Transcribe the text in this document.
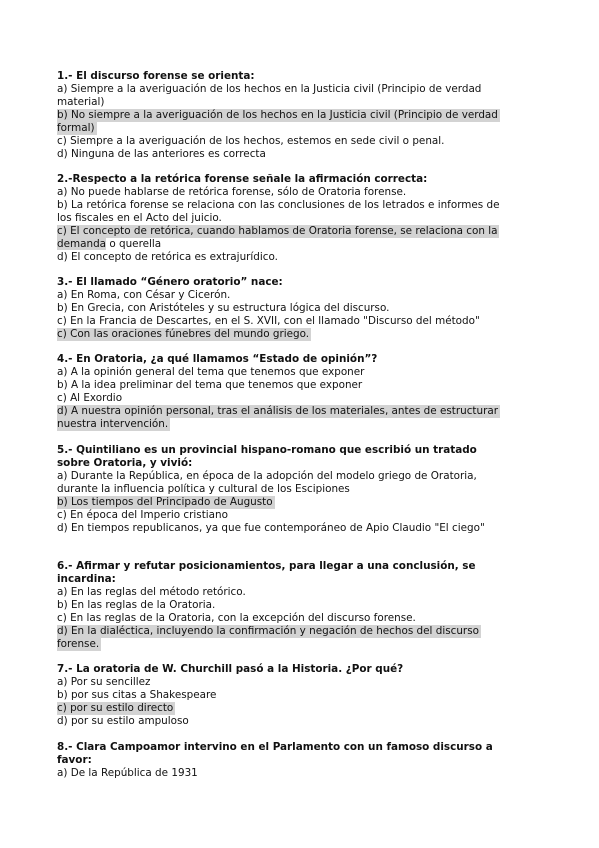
1.- El discurso forense se orienta:

a) Siempre a la averiguación de los hechos en la Justicia civil (Principio de verdad

material)

b) No siempre a la averiguación de los hechos en la Justicia civil (Principio de verdad

formal)

c) Siempre a la averiguación de los hechos, estemos en sede civil o penal.

d) Ninguna de las anteriores es correcta

2.-Respecto a la retórica forense señale la afirmación correcta:

a) No puede hablarse de retórica forense, sólo de Oratoria forense.

b) La retórica forense se relaciona con las conclusiones de los letrados e informes de

los fiscales en el Acto del juicio.

c) El concepto de retórica, cuando hablamos de Oratoria forense, se relaciona con la

demanda o querella

d) El concepto de retórica es extrajurídico.

3.- El llamado “Género oratorio” nace:

a) En Roma, con César y Cicerón.

b) En Grecia, con Aristóteles y su estructura lógica del discurso.

c) En la Francia de Descartes, en el S. XVII, con el llamado "Discurso del método"

c) Con las oraciones fúnebres del mundo griego.

4.- En Oratoria, ¿a qué llamamos “Estado de opinión”?

a) A la opinión general del tema que tenemos que exponer

b) A la idea preliminar del tema que tenemos que exponer

c) Al Exordio

d) A nuestra opinión personal, tras el análisis de los materiales, antes de estructurar

nuestra intervención.

5.- Quintiliano es un provincial hispano-romano que escribió un tratado

sobre Oratoria, y vivió:

a) Durante la República, en época de la adopción del modelo griego de Oratoria,

durante la influencia política y cultural de los Escipiones

b) Los tiempos del Principado de Augusto

c) En época del Imperio cristiano

d) En tiempos republicanos, ya que fue contemporáneo de Apio Claudio "El ciego"

6.- Afirmar y refutar posicionamientos, para llegar a una conclusión, se

incardina:

a) En las reglas del método retórico.

b) En las reglas de la Oratoria.

c) En las reglas de la Oratoria, con la excepción del discurso forense.

d) En la dialéctica, incluyendo la confirmación y negación de hechos del discurso

forense.

7.- La oratoria de W. Churchill pasó a la Historia. ¿Por qué?

a) Por su sencillez

b) por sus citas a Shakespeare

c) por su estilo directo

d) por su estilo ampuloso

8.- Clara Campoamor intervino en el Parlamento con un famoso discurso a

favor:

a) De la República de 1931
